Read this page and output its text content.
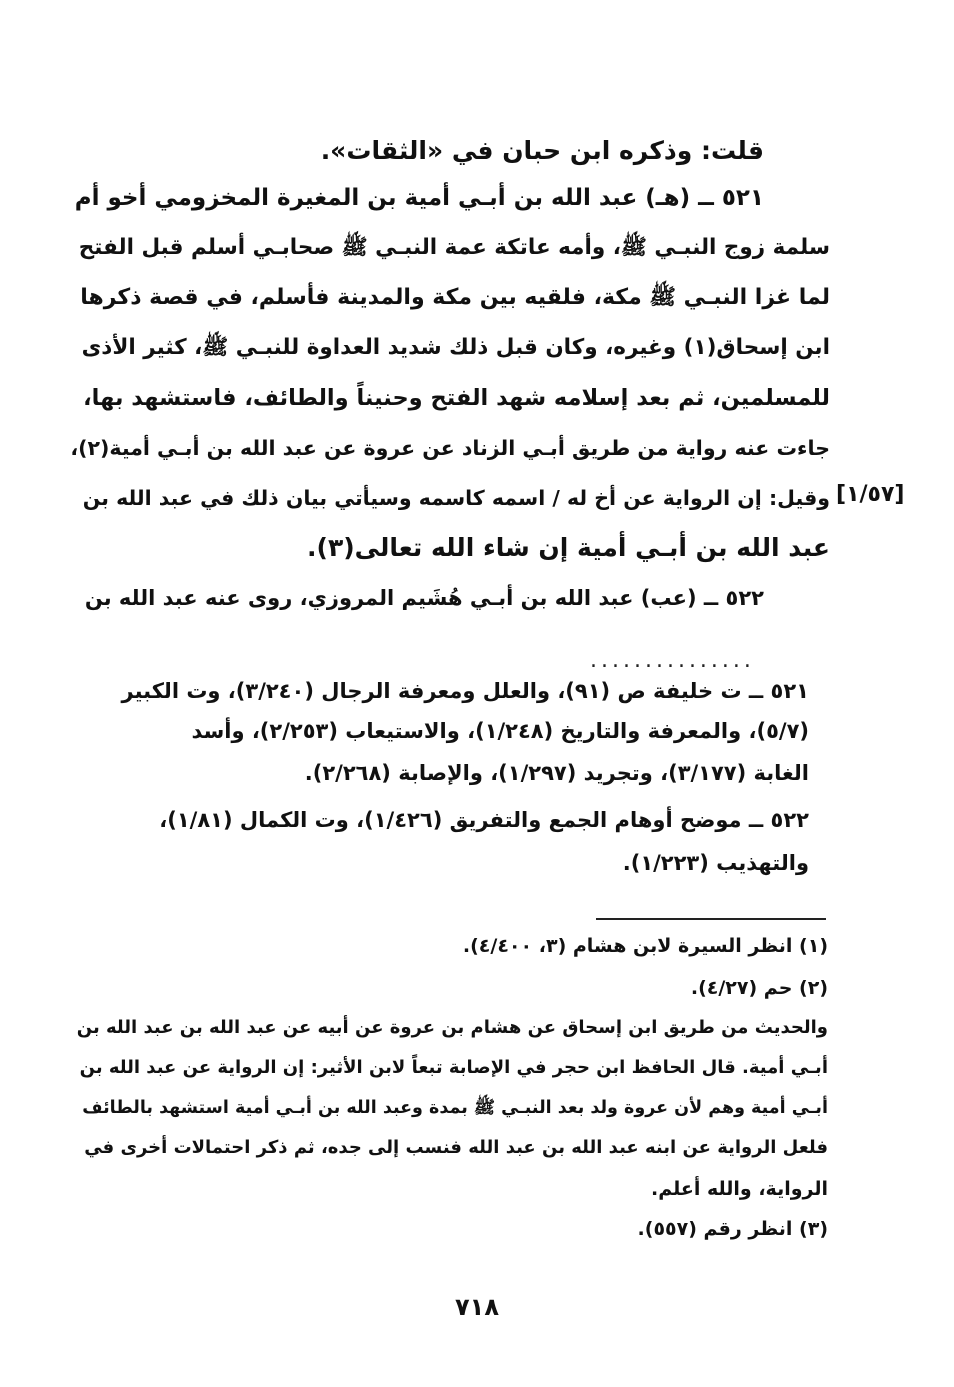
قلت: وذكره ابن حبان في «الثقات».
٥٢١ ــ (هـ) عبد الله بن أبـي أمية بن المغيرة المخزومي أخو أم
سلمة زوج النبـي ﷺ، وأمه عاتكة عمة النبـي ﷺ صحابـي أسلم قبل الفتح
لما غزا النبـي ﷺ مكة، فلقيه بين مكة والمدينة فأسلم، في قصة ذكرها
ابن إسحاق(١) وغيره، وكان قبل ذلك شديد العداوة للنبـي ﷺ، كثير الأذى
للمسلمين، ثم بعد إسلامه شهد الفتح وحنيناً والطائف، فاستشهد بها،
جاءت عنه رواية من طريق أبـي الزناد عن عروة عن عبد الله بن أبـي أمية(٢)،
وقيل: إن الرواية عن أخ له / اسمه كاسمه وسيأتي بيان ذلك في عبد الله بن [١/٥٧]
عبد الله بن أبـي أمية إن شاء الله تعالى(٣).
٥٢٢ ــ (عب) عبد الله بن أبـي هُشَيم المروزي، روى عنه عبد الله بن
...............
٥٢١ ــ ت خليفة ص (٩١)، والعلل ومعرفة الرجال (٣/٢٤٠)، وت الكبير
(٥/٧)، والمعرفة والتاريخ (١/٢٤٨)، والاستيعاب (٢/٢٥٣)، وأسد
الغابة (٣/١٧٧)، وتجريد (١/٢٩٧)، والإصابة (٢/٢٦٨).
٥٢٢ ــ موضح أوهام الجمع والتفريق (١/٤٢٦)، وت الكمال (١/٨١)،
والتهذيب (١/٢٢٣).
(١) انظر السيرة لابن هشام (٣، ٤/٤٠٠).
(٢) حم (٤/٢٧).
والحديث من طريق ابن إسحاق عن هشام بن عروة عن أبيه عن عبد الله بن عبد الله بن
أبـي أمية. قال الحافظ ابن حجر في الإصابة تبعاً لابن الأثير: إن الرواية عن عبد الله بن
أبـي أمية وهم لأن عروة ولد بعد النبـي ﷺ بمدة وعبد الله بن أبـي أمية استشهد بالطائف
فلعل الرواية عن ابنه عبد الله بن عبد الله فنسب إلى جده، ثم ذكر احتمالات أخرى في
الرواية، والله أعلم.
(٣) انظر رقم (٥٥٧).
٧١٨
